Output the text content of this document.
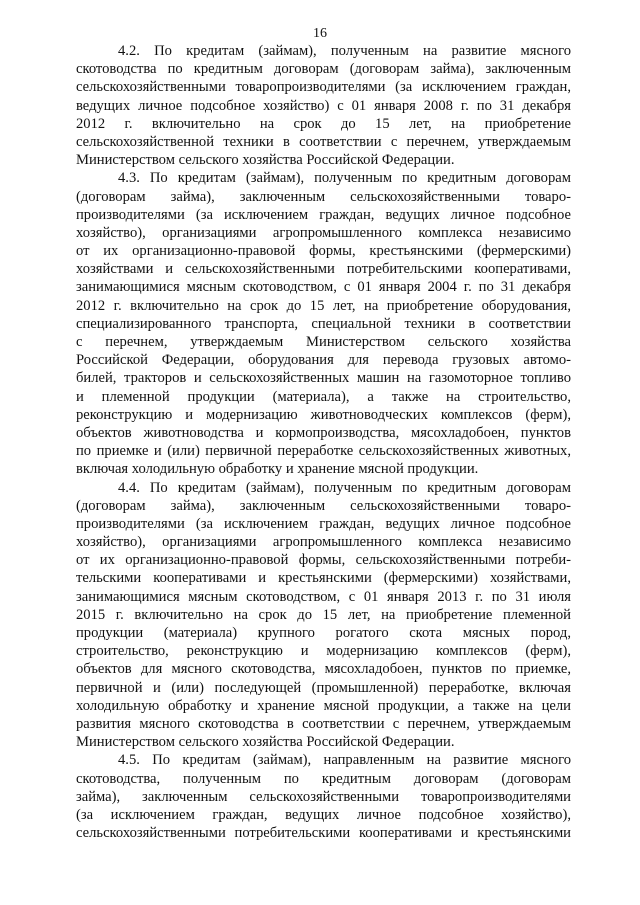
16
4.2. По кредитам (займам), полученным на развитие мясного
скотоводства по кредитным договорам (договорам займа), заключенным
сельскохозяйственными товаропроизводителями (за исключением граждан,
ведущих личное подсобное хозяйство) с 01 января 2008 г. по 31 декабря
2012 г. включительно на срок до 15 лет, на приобретение
сельскохозяйственной техники в соответствии с перечнем, утверждаемым
Министерством сельского хозяйства Российской Федерации.
4.3. По кредитам (займам), полученным по кредитным договорам
(договорам займа), заключенным сельскохозяйственными товаро-
производителями (за исключением граждан, ведущих личное подсобное
хозяйство), организациями агропромышленного комплекса независимо
от их организационно-правовой формы, крестьянскими (фермерскими)
хозяйствами и сельскохозяйственными потребительскими кооперативами,
занимающимися мясным скотоводством, с 01 января 2004 г. по 31 декабря
2012 г. включительно на срок до 15 лет, на приобретение оборудования,
специализированного транспорта, специальной техники в соответствии
с перечнем, утверждаемым Министерством сельского хозяйства
Российской Федерации, оборудования для перевода грузовых автомо-
билей, тракторов и сельскохозяйственных машин на газомоторное топливо
и племенной продукции (материала), а также на строительство,
реконструкцию и модернизацию животноводческих комплексов (ферм),
объектов животноводства и кормопроизводства, мясохладобоен, пунктов
по приемке и (или) первичной переработке сельскохозяйственных животных,
включая холодильную обработку и хранение мясной продукции.
4.4. По кредитам (займам), полученным по кредитным договорам
(договорам займа), заключенным сельскохозяйственными товаро-
производителями (за исключением граждан, ведущих личное подсобное
хозяйство), организациями агропромышленного комплекса независимо
от их организационно-правовой формы, сельскохозяйственными потреби-
тельскими кооперативами и крестьянскими (фермерскими) хозяйствами,
занимающимися мясным скотоводством, с 01 января 2013 г. по 31 июля
2015 г. включительно на срок до 15 лет, на приобретение племенной
продукции (материала) крупного рогатого скота мясных пород,
строительство, реконструкцию и модернизацию комплексов (ферм),
объектов для мясного скотоводства, мясохладобоен, пунктов по приемке,
первичной и (или) последующей (промышленной) переработке, включая
холодильную обработку и хранение мясной продукции, а также на цели
развития мясного скотоводства в соответствии с перечнем, утверждаемым
Министерством сельского хозяйства Российской Федерации.
4.5. По кредитам (займам), направленным на развитие мясного
скотоводства, полученным по кредитным договорам (договорам
займа), заключенным сельскохозяйственными товаропроизводителями
(за исключением граждан, ведущих личное подсобное хозяйство),
сельскохозяйственными потребительскими кооперативами и крестьянскими
